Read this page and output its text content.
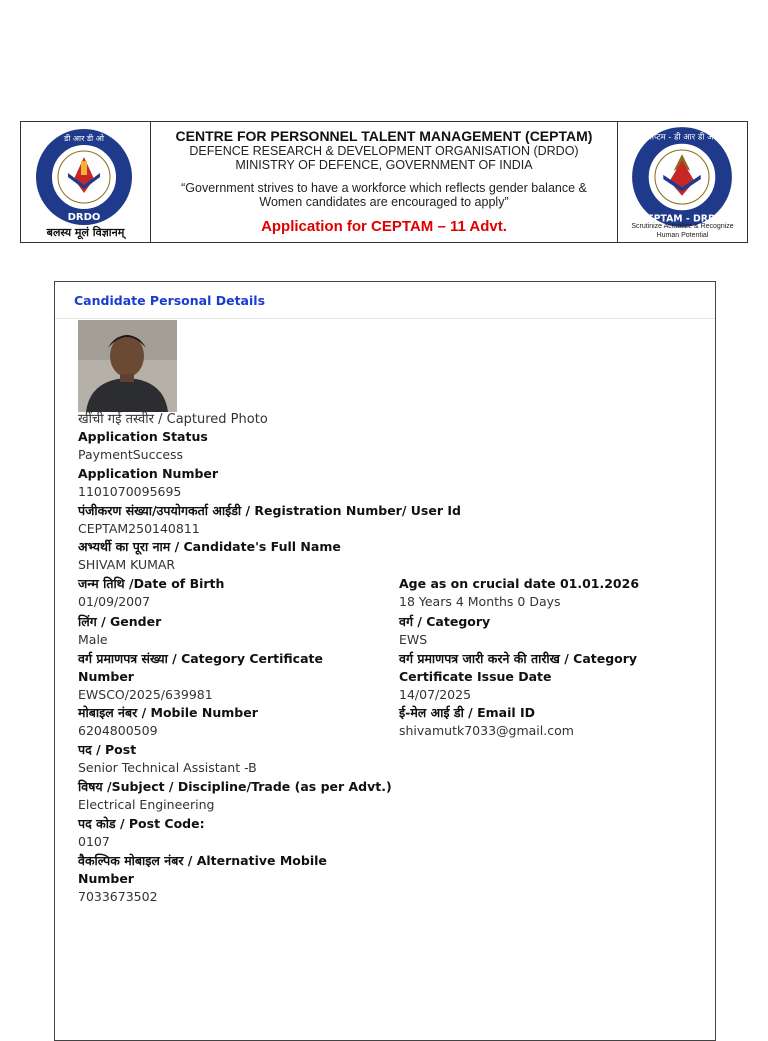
डी आर डी ओ
DRDO
बलस्य मूलं विज्ञानम्
CENTRE FOR PERSONNEL TALENT MANAGEMENT (CEPTAM)
DEFENCE RESEARCH & DEVELOPMENT ORGANISATION (DRDO)
MINISTRY OF DEFENCE, GOVERNMENT OF INDIA
“Government strives to have a workforce which reflects gender balance & Women candidates are encouraged to apply”
Application for CEPTAM – 11 Advt.
सेप्टम - डी आर डी ओ
CEPTAM - DRDO
Scrutinize Actualize & Recognize Human Potential
Candidate Personal Details
खींची गई तस्वीर / Captured Photo
Application Status
PaymentSuccess
Application Number
1101070095695
पंजीकरण संख्या/उपयोगकर्ता आईडी / Registration Number/ User Id
CEPTAM250140811
अभ्यर्थी का पूरा नाम / Candidate's Full Name
SHIVAM KUMAR
जन्म तिथि /Date of Birth
01/09/2007
Age as on crucial date 01.01.2026
18 Years 4 Months 0 Days
लिंग / Gender
Male
वर्ग / Category
EWS
वर्ग प्रमाणपत्र संख्या / Category Certificate Number
EWSCO/2025/639981
वर्ग प्रमाणपत्र जारी करने की तारीख / Category Certificate Issue Date
14/07/2025
मोबाइल नंबर / Mobile Number
6204800509
ई-मेल आई डी / Email ID
shivamutk7033@gmail.com
पद / Post
Senior Technical Assistant -B
विषय /Subject / Discipline/Trade (as per Advt.)
Electrical Engineering
पद कोड / Post Code:
0107
वैकल्पिक मोबाइल नंबर / Alternative Mobile Number
7033673502
